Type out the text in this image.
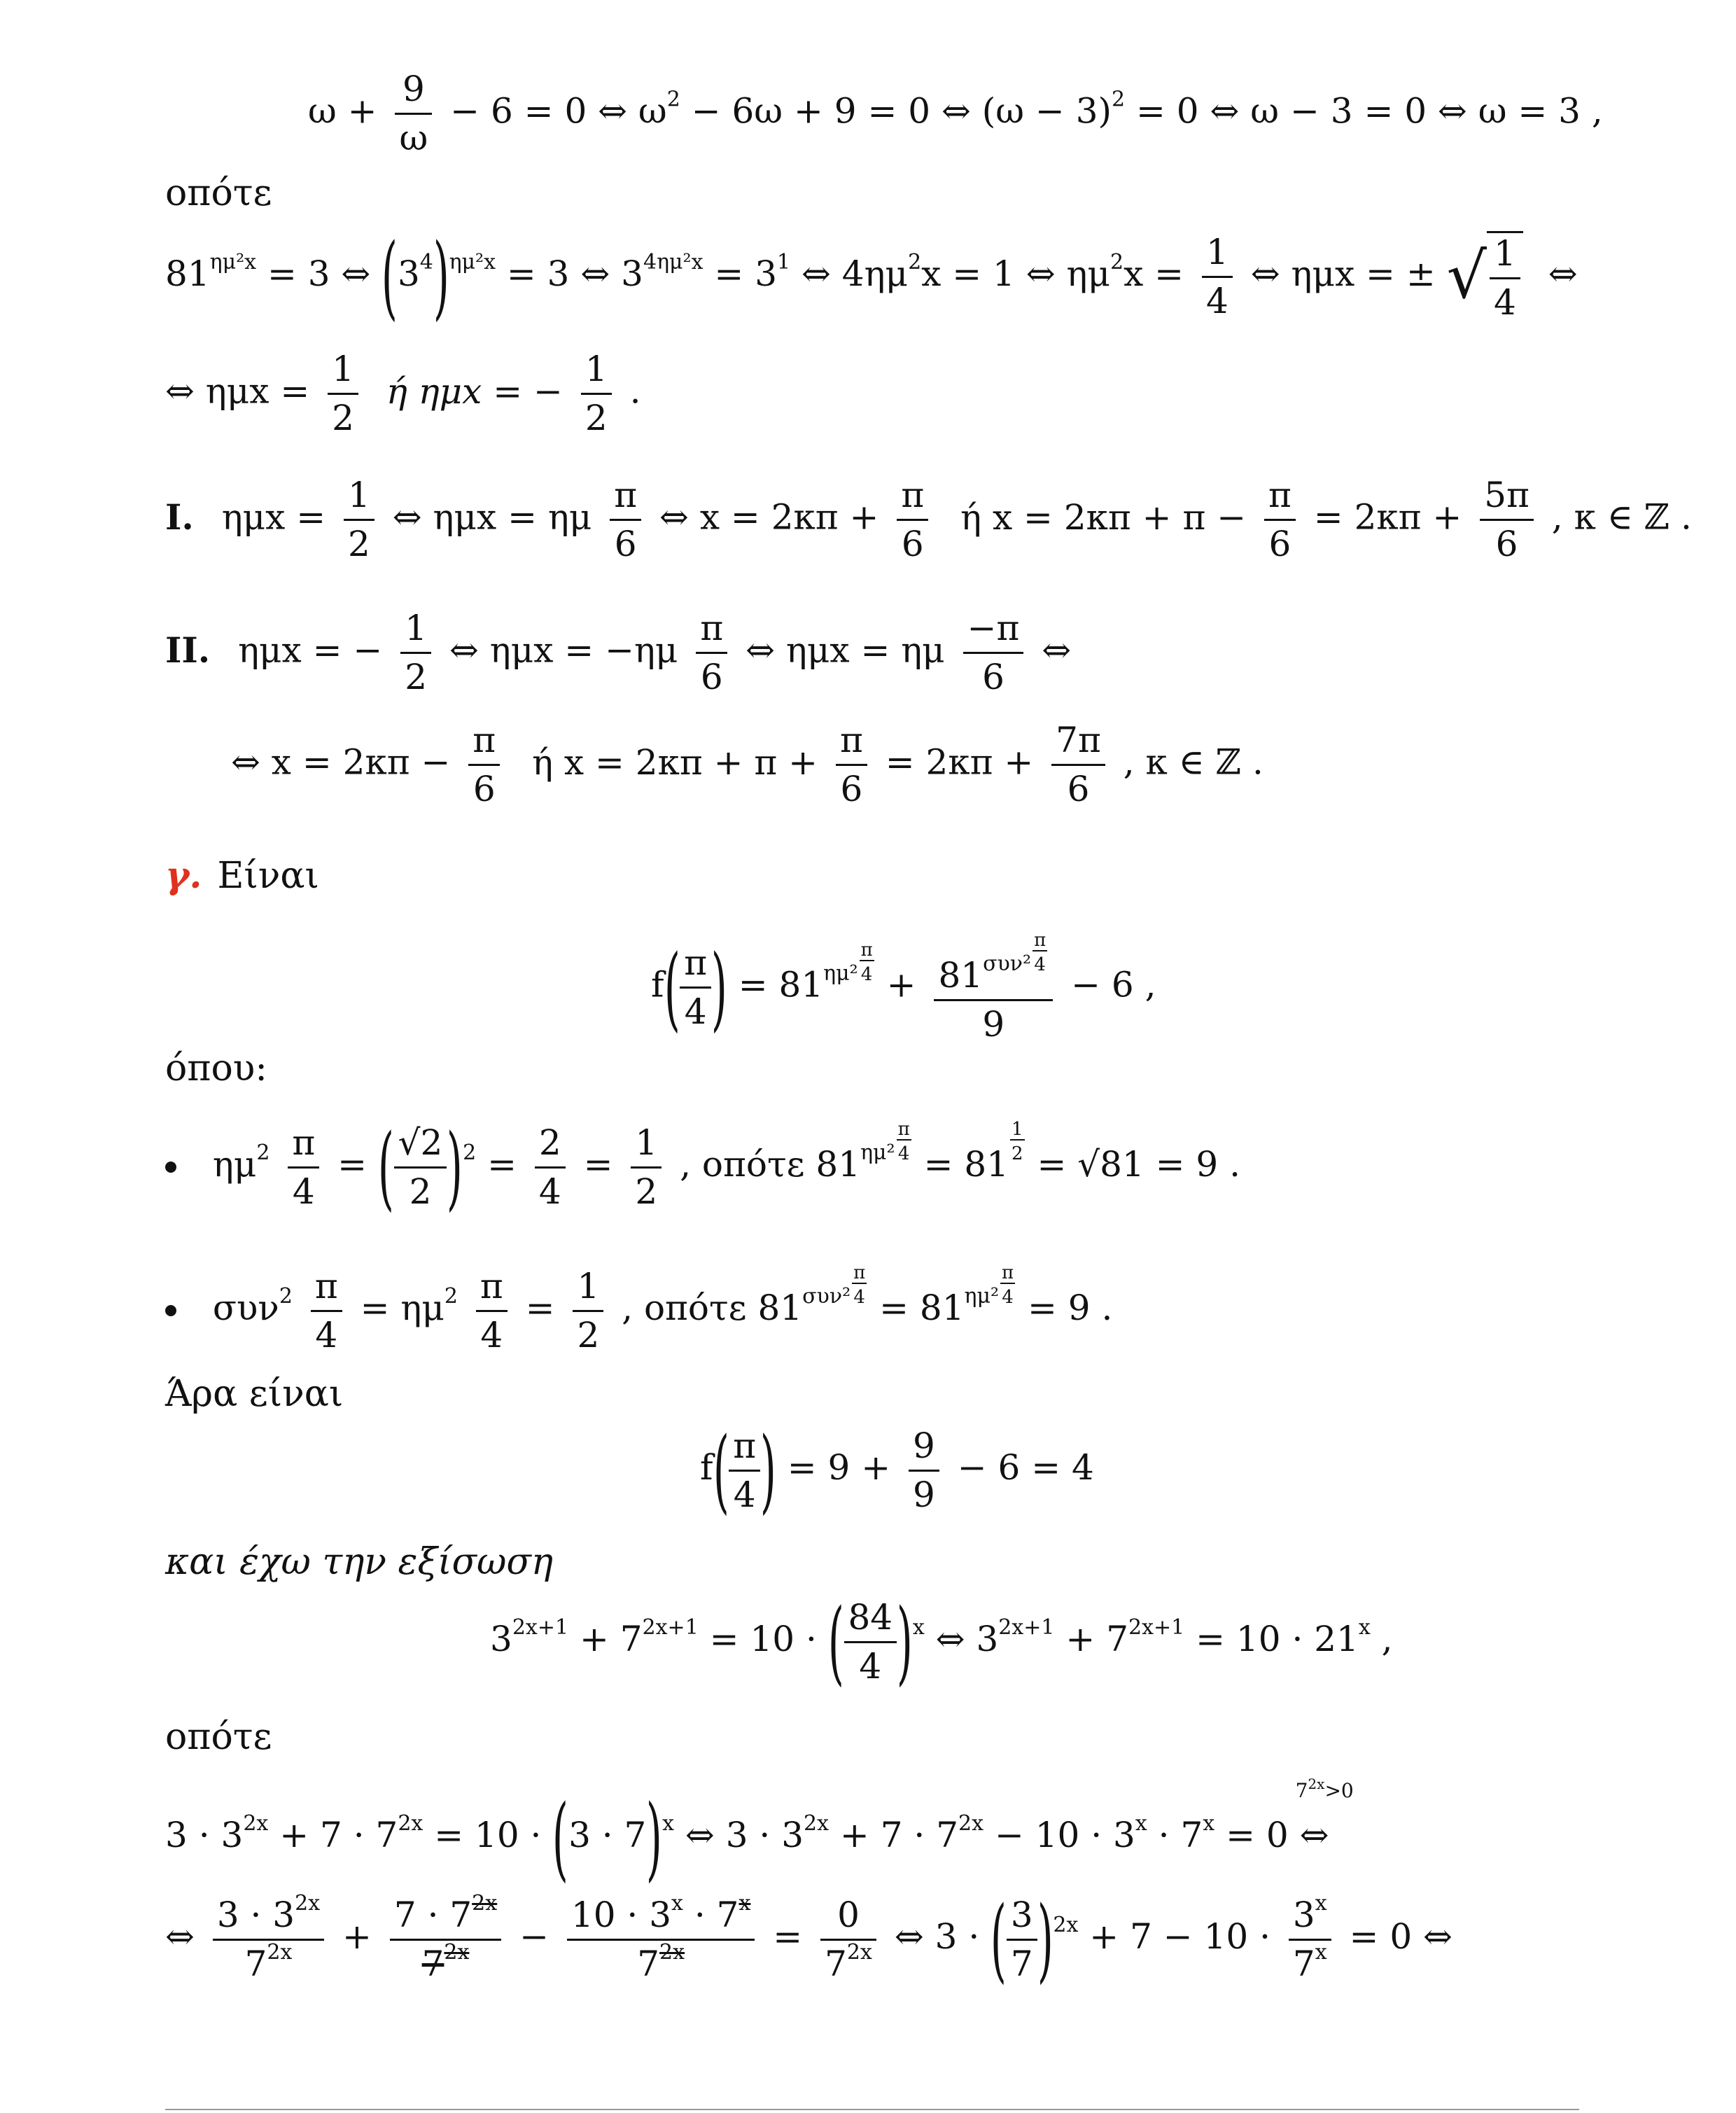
$\omega + \frac{9}{\omega} - 6 = 0$ ⇔ $\omega^2 - 6\omega + 9 = 0$ ⇔ $(\omega - 3)^2 = 0$ ⇔ ω − 3 = 0 ⇔ ω = 3 ,
οπότε
$81^{\eta\mu^2x} = 3$ ⇔ $(3^4)^{\eta\mu^2x} = 3$ ⇔ $3^{4\eta\mu^2x} = 3^1$ ⇔ $4\eta\mu^2x = 1$ ⇔ $\eta\mu^2x = \frac{1}{4}$ ⇔ ημx = ± √ $\frac{1}{4}$ ⇔
⇔ $\eta\mu x = \frac{1}{2}$ ή ημx = − $\frac{1}{2}$ .
I. $\eta\mu x = \frac{1}{2}$ ⇔ ημx = ημ $\frac{\pi}{6}$ ⇔ $x = 2\kappa\pi + \frac{\pi}{6}$ ή $x = 2\kappa\pi + \pi - \frac{\pi}{6} = 2\kappa\pi + \frac{5\pi}{6}$ , κ ∈ ℤ .
II. ημx = − $\frac{1}{2}$ ⇔ $\eta\mu x = -\eta\mu \frac{\pi}{6}$ ⇔ ημx = ημ $\frac{-\pi}{6}$ ⇔
⇔ $x = 2\kappa\pi - \frac{\pi}{6}$ ή $x = 2\kappa\pi + \pi + \frac{\pi}{6} = 2\kappa\pi + \frac{7\pi}{6}$ , κ ∈ ℤ .
γ. Είναι
$f( \frac{\pi}{4}$ ) = $81^{\eta\mu^2 \frac{\pi}{4}}$
+ $81^{\sigma\upsilon\nu^2 \frac{\pi}{4}}$
9 − 6 ,
όπου:
$\eta\mu^2 \frac{\pi}{4}$ = ( $\frac{√2}{2} )^2 = \frac{2}{4} = \frac{1}{2}$ , οπότε $81^{\eta\mu^2 \frac{\pi}{4}}$
= 81
$^{\frac{1}{2}}$
= √81 = 9 .
$\sigma\upsilon\nu^2 \frac{\pi}{4} = \eta\mu^2 \frac{\pi}{4} = \frac{1}{2}$ , οπότε $81^{\sigma\upsilon\nu^2 \frac{\pi}{4}}$
= $81^{\eta\mu^2 \frac{\pi}{4}}$
= 9 .
Άρα είναι
$f( \frac{\pi}{4}$ ) = $9 + \frac{9}{9} - 6 = 4$
και έχω την εξίσωση
$3^{2x+1} + 7^{2x+1} = 10$ · ( $\frac{84}{4} )^x$ ⇔ $3^{2x+1} + 7^{2x+1} = 10 \cdot 21^x$ ,
οπότε
$3 \cdot 3^{2x} + 7 \cdot 7^{2x} = 10 \cdot (3 \cdot 7)^x$ ⇔ $3 \cdot 3^{2x} + 7 \cdot 7^{2x} - 10 \cdot 3^x \cdot 7^x = 0$
$7^{2x}>0$
⇔
⇔ $\frac{3 \cdot 3^{2x}}{7^{2x}} + \frac{7 \cdot 7^{2x}}{7^{2x}} - \frac{10 \cdot 3^x \cdot 7^x}{7^{2x}} = \frac{0}{7^{2x}}$ ⇔ 3 · ( $\frac{3}{7} )^{2x} + 7 - 10 \cdot \frac{3^x}{7^x} = 0$ ⇔
